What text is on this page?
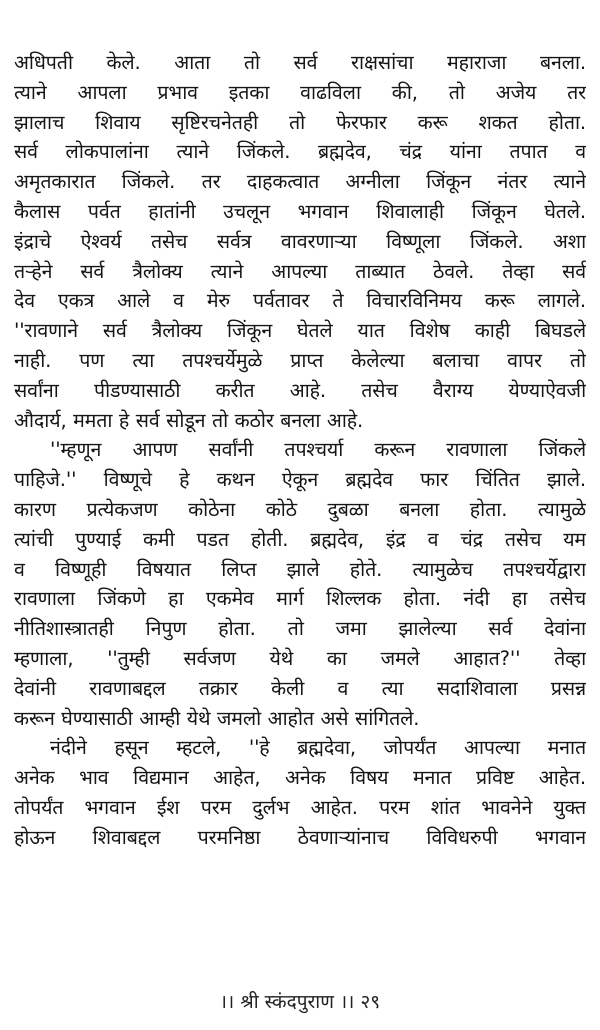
अधिपती केले. आता तो सर्व राक्षसांचा महाराजा बनला.
त्याने आपला प्रभाव इतका वाढविला की, तो अजेय तर
झालाच शिवाय सृष्टिरचनेतही तो फेरफार करू शकत होता.
सर्व लोकपालांना त्याने जिंकले. ब्रह्मदेव, चंद्र यांना तपात व
अमृतकारात जिंकले. तर दाहकत्वात अग्नीला जिंकून नंतर त्याने
कैलास पर्वत हातांनी उचलून भगवान शिवालाही जिंकून घेतले.
इंद्राचे ऐश्वर्य तसेच सर्वत्र वावरणाऱ्या विष्णूला जिंकले. अशा
तऱ्हेने सर्व त्रैलोक्य त्याने आपल्या ताब्यात ठेवले. तेव्हा सर्व
देव एकत्र आले व मेरु पर्वतावर ते विचारविनिमय करू लागले.
''रावणाने सर्व त्रैलोक्य जिंकून घेतले यात विशेष काही बिघडले
नाही. पण त्या तपश्चर्येमुळे प्राप्त केलेल्या बलाचा वापर तो
सर्वांना पीडण्यासाठी करीत आहे. तसेच वैराग्य येण्याऐवजी
औदार्य, ममता हे सर्व सोडून तो कठोर बनला आहे.
''म्हणून आपण सर्वांनी तपश्चर्या करून रावणाला जिंकले
पाहिजे.'' विष्णूचे हे कथन ऐकून ब्रह्मदेव फार चिंतित झाले.
कारण प्रत्येकजण कोठेना कोठे दुबळा बनला होता. त्यामुळे
त्यांची पुण्याई कमी पडत होती. ब्रह्मदेव, इंद्र व चंद्र तसेच यम
व विष्णूही विषयात लिप्त झाले होते. त्यामुळेच तपश्चर्येद्वारा
रावणाला जिंकणे हा एकमेव मार्ग शिल्लक होता. नंदी हा तसेच
नीतिशास्त्रातही निपुण होता. तो जमा झालेल्या सर्व देवांना
म्हणाला, ''तुम्ही सर्वजण येथे का जमले आहात?'' तेव्हा
देवांनी रावणाबद्दल तक्रार केली व त्या सदाशिवाला प्रसन्न
करून घेण्यासाठी आम्ही येथे जमलो आहोत असे सांगितले.
नंदीने हसून म्हटले, ''हे ब्रह्मदेवा, जोपर्यंत आपल्या मनात
अनेक भाव विद्यमान आहेत, अनेक विषय मनात प्रविष्ट आहेत.
तोपर्यंत भगवान ईश परम दुर्लभ आहेत. परम शांत भावनेने युक्त
होऊन शिवाबद्दल परमनिष्ठा ठेवणाऱ्यांनाच विविधरुपी भगवान
।। श्री स्कंदपुराण ।। २९
